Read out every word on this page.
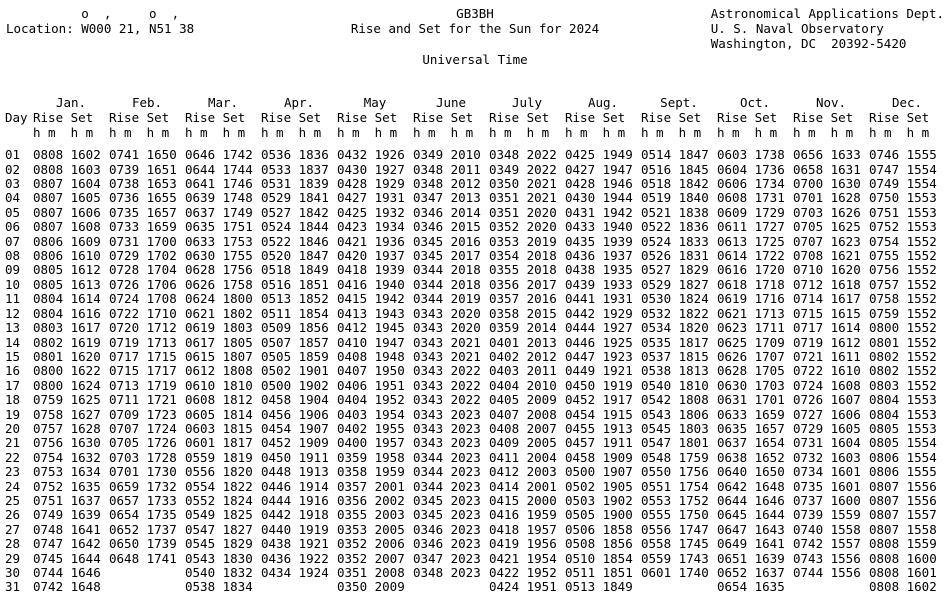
o  ,     o  ,
Location: W000 21, N51 38
GB3BH
Rise and Set for the Sun for 2024
Astronomical Applications Dept.
U. S. Naval Observatory
Washington, DC  20392-5420
Universal Time
	Jan.	Feb.	Mar.	Apr.	May	June	July	Aug.	Sept.	Oct.	Nov.	Dec.
Day	Rise Set	Rise Set	Rise Set	Rise Set	Rise Set	Rise Set	Rise Set	Rise Set	Rise Set	Rise Set	Rise Set	Rise Set
	h m  h m	h m  h m	h m  h m	h m  h m	h m  h m	h m  h m	h m  h m	h m  h m	h m  h m	h m  h m	h m  h m	h m  h m

01	0808 1602	0741 1650	0646 1742	0536 1836	0432 1926	0349 2010	0348 2022	0425 1949	0514 1847	0603 1738	0656 1633	0746 1555
02	0808 1603	0739 1651	0644 1744	0533 1837	0430 1927	0348 2011	0349 2022	0427 1947	0516 1845	0604 1736	0658 1631	0747 1554
03	0807 1604	0738 1653	0641 1746	0531 1839	0428 1929	0348 2012	0350 2021	0428 1946	0518 1842	0606 1734	0700 1630	0749 1554
04	0807 1605	0736 1655	0639 1748	0529 1841	0427 1931	0347 2013	0351 2021	0430 1944	0519 1840	0608 1731	0701 1628	0750 1553
05	0807 1606	0735 1657	0637 1749	0527 1842	0425 1932	0346 2014	0351 2020	0431 1942	0521 1838	0609 1729	0703 1626	0751 1553
06	0807 1608	0733 1659	0635 1751	0524 1844	0423 1934	0346 2015	0352 2020	0433 1940	0522 1836	0611 1727	0705 1625	0752 1553
07	0806 1609	0731 1700	0633 1753	0522 1846	0421 1936	0345 2016	0353 2019	0435 1939	0524 1833	0613 1725	0707 1623	0754 1552
08	0806 1610	0729 1702	0630 1755	0520 1847	0420 1937	0345 2017	0354 2018	0436 1937	0526 1831	0614 1722	0708 1621	0755 1552
09	0805 1612	0728 1704	0628 1756	0518 1849	0418 1939	0344 2018	0355 2018	0438 1935	0527 1829	0616 1720	0710 1620	0756 1552
10	0805 1613	0726 1706	0626 1758	0516 1851	0416 1940	0344 2018	0356 2017	0439 1933	0529 1827	0618 1718	0712 1618	0757 1552
11	0804 1614	0724 1708	0624 1800	0513 1852	0415 1942	0344 2019	0357 2016	0441 1931	0530 1824	0619 1716	0714 1617	0758 1552
12	0804 1616	0722 1710	0621 1802	0511 1854	0413 1943	0343 2020	0358 2015	0442 1929	0532 1822	0621 1713	0715 1615	0759 1552
13	0803 1617	0720 1712	0619 1803	0509 1856	0412 1945	0343 2020	0359 2014	0444 1927	0534 1820	0623 1711	0717 1614	0800 1552
14	0802 1619	0719 1713	0617 1805	0507 1857	0410 1947	0343 2021	0401 2013	0446 1925	0535 1817	0625 1709	0719 1612	0801 1552
15	0801 1620	0717 1715	0615 1807	0505 1859	0408 1948	0343 2021	0402 2012	0447 1923	0537 1815	0626 1707	0721 1611	0802 1552
16	0800 1622	0715 1717	0612 1808	0502 1901	0407 1950	0343 2022	0403 2011	0449 1921	0538 1813	0628 1705	0722 1610	0802 1552
17	0800 1624	0713 1719	0610 1810	0500 1902	0406 1951	0343 2022	0404 2010	0450 1919	0540 1810	0630 1703	0724 1608	0803 1552
18	0759 1625	0711 1721	0608 1812	0458 1904	0404 1952	0343 2022	0405 2009	0452 1917	0542 1808	0631 1701	0726 1607	0804 1553
19	0758 1627	0709 1723	0605 1814	0456 1906	0403 1954	0343 2023	0407 2008	0454 1915	0543 1806	0633 1659	0727 1606	0804 1553
20	0757 1628	0707 1724	0603 1815	0454 1907	0402 1955	0343 2023	0408 2007	0455 1913	0545 1803	0635 1657	0729 1605	0805 1553
21	0756 1630	0705 1726	0601 1817	0452 1909	0400 1957	0343 2023	0409 2005	0457 1911	0547 1801	0637 1654	0731 1604	0805 1554
22	0754 1632	0703 1728	0559 1819	0450 1911	0359 1958	0344 2023	0411 2004	0458 1909	0548 1759	0638 1652	0732 1603	0806 1554
23	0753 1634	0701 1730	0556 1820	0448 1913	0358 1959	0344 2023	0412 2003	0500 1907	0550 1756	0640 1650	0734 1601	0806 1555
24	0752 1635	0659 1732	0554 1822	0446 1914	0357 2001	0344 2023	0414 2001	0502 1905	0551 1754	0642 1648	0735 1601	0807 1556
25	0751 1637	0657 1733	0552 1824	0444 1916	0356 2002	0345 2023	0415 2000	0503 1902	0553 1752	0644 1646	0737 1600	0807 1556
26	0749 1639	0654 1735	0549 1825	0442 1918	0355 2003	0345 2023	0416 1959	0505 1900	0555 1750	0645 1644	0739 1559	0807 1557
27	0748 1641	0652 1737	0547 1827	0440 1919	0353 2005	0346 2023	0418 1957	0506 1858	0556 1747	0647 1643	0740 1558	0807 1558
28	0747 1642	0650 1739	0545 1829	0438 1921	0352 2006	0346 2023	0419 1956	0508 1856	0558 1745	0649 1641	0742 1557	0808 1559
29	0745 1644	0648 1741	0543 1830	0436 1922	0352 2007	0347 2023	0421 1954	0510 1854	0559 1743	0651 1639	0743 1556	0808 1600
30	0744 1646		0540 1832	0434 1924	0351 2008	0348 2023	0422 1952	0511 1851	0601 1740	0652 1637	0744 1556	0808 1601
31	0742 1648		0538 1834		0350 2009		0424 1951	0513 1849		0654 1635		0808 1602
